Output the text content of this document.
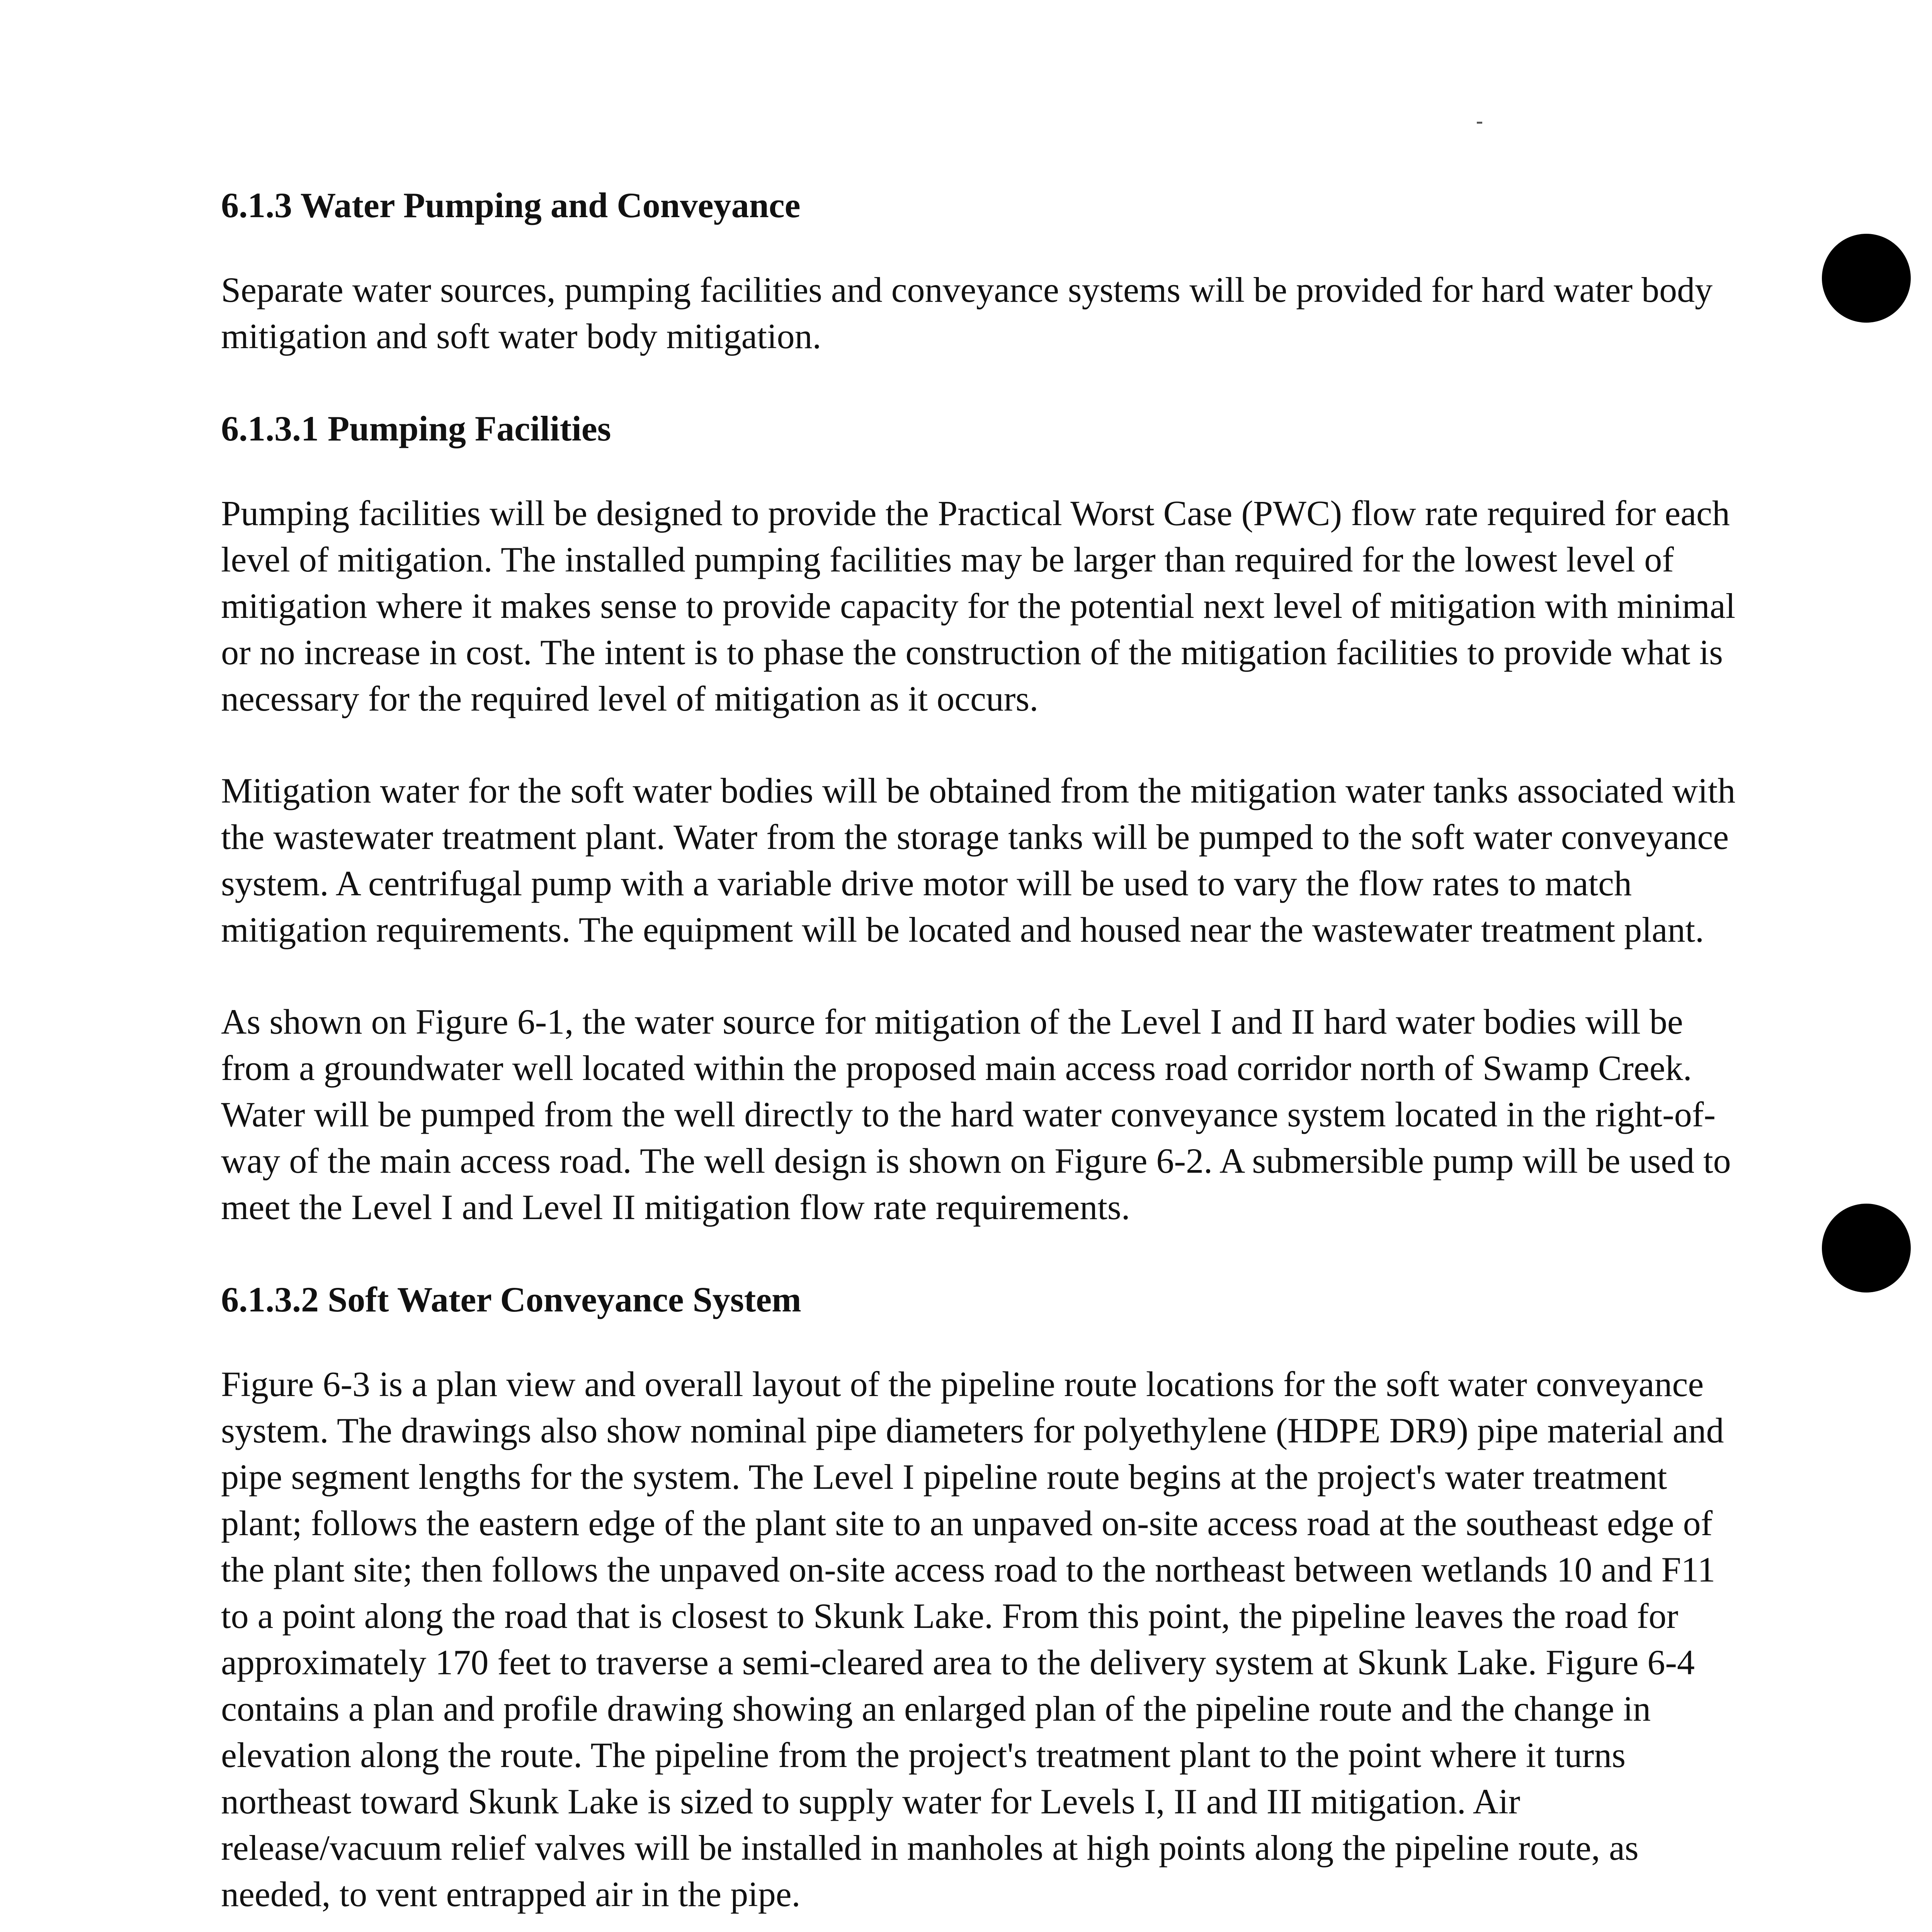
6.1.3 Water Pumping and Conveyance

Separate water sources, pumping facilities and conveyance systems will be provided for hard water body mitigation and soft water body mitigation.

6.1.3.1 Pumping Facilities

Pumping facilities will be designed to provide the Practical Worst Case (PWC) flow rate required for each level of mitigation. The installed pumping facilities may be larger than required for the lowest level of mitigation where it makes sense to provide capacity for the potential next level of mitigation with minimal or no increase in cost. The intent is to phase the construction of the mitigation facilities to provide what is necessary for the required level of mitigation as it occurs.

Mitigation water for the soft water bodies will be obtained from the mitigation water tanks associated with the wastewater treatment plant. Water from the storage tanks will be pumped to the soft water conveyance system. A centrifugal pump with a variable drive motor will be used to vary the flow rates to match mitigation requirements. The equipment will be located and housed near the wastewater treatment plant.

As shown on Figure 6-1, the water source for mitigation of the Level I and II hard water bodies will be from a groundwater well located within the proposed main access road corridor north of Swamp Creek. Water will be pumped from the well directly to the hard water conveyance system located in the right-of-way of the main access road. The well design is shown on Figure 6-2. A submersible pump will be used to meet the Level I and Level II mitigation flow rate requirements.

6.1.3.2 Soft Water Conveyance System

Figure 6-3 is a plan view and overall layout of the pipeline route locations for the soft water conveyance system. The drawings also show nominal pipe diameters for polyethylene (HDPE DR9) pipe material and pipe segment lengths for the system. The Level I pipeline route begins at the project's water treatment plant; follows the eastern edge of the plant site to an unpaved on-site access road at the southeast edge of the plant site; then follows the unpaved on-site access road to the northeast between wetlands 10 and F11 to a point along the road that is closest to Skunk Lake. From this point, the pipeline leaves the road for approximately 170 feet to traverse a semi-cleared area to the delivery system at Skunk Lake. Figure 6-4 contains a plan and profile drawing showing an enlarged plan of the pipeline route and the change in elevation along the route. The pipeline from the project's treatment plant to the point where it turns northeast toward Skunk Lake is sized to supply water for Levels I, II and III mitigation. Air release/vacuum relief valves will be installed in manholes at high points along the pipeline route, as needed, to vent entrapped air in the pipe.
